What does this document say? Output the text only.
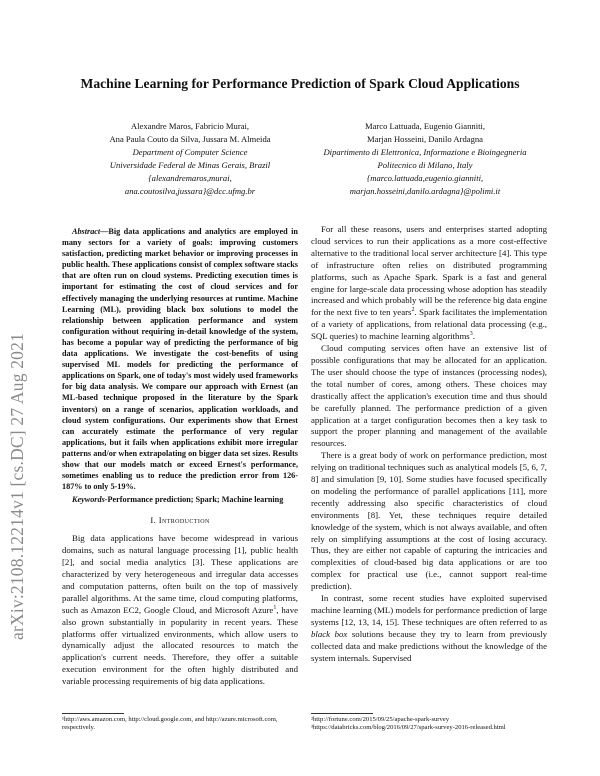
Machine Learning for Performance Prediction of Spark Cloud Applications
Alexandre Maros, Fabricio Murai,
Ana Paula Couto da Silva, Jussara M. Almeida
Department of Computer Science
Universidade Federal de Minas Gerais, Brazil
{alexandremaros,murai,
ana.coutosilva,jussara}@dcc.ufmg.br
Marco Lattuada, Eugenio Gianniti,
Marjan Hosseini, Danilo Ardagna
Dipartimento di Elettronica, Informazione e Bioingegneria
Politecnico di Milano, Italy
{marco.lattuada,eugenio.gianniti,
marjan.hosseini,danilo.ardagna}@polimi.it
arXiv:2108.12214v1 [cs.DC] 27 Aug 2021

Abstract—Big data applications and analytics are employed in many sectors for a variety of goals: improving customers satisfaction, predicting market behavior or improving processes in public health. These applications consist of complex software stacks that are often run on cloud systems. Predicting execution times is important for estimating the cost of cloud services and for effectively managing the underlying resources at runtime. Machine Learning (ML), providing black box solutions to model the relationship between application performance and system configuration without requiring in-detail knowledge of the system, has become a popular way of predicting the performance of big data applications. We investigate the cost-benefits of using supervised ML models for predicting the performance of applications on Spark, one of today's most widely used frameworks for big data analysis. We compare our approach with Ernest (an ML-based technique proposed in the literature by the Spark inventors) on a range of scenarios, application workloads, and cloud system configurations. Our experiments show that Ernest can accurately estimate the performance of very regular applications, but it fails when applications exhibit more irregular patterns and/or when extrapolating on bigger data set sizes. Results show that our models match or exceed Ernest's performance, sometimes enabling us to reduce the prediction error from 126-187% to only 5-19%.

Keywords-Performance prediction; Spark; Machine learning

I. Introduction

Big data applications have become widespread in various domains, such as natural language processing [1], public health [2], and social media analytics [3]. These applications are characterized by very heterogeneous and irregular data accesses and computation patterns, often built on the top of massively parallel algorithms. At the same time, cloud computing platforms, such as Amazon EC2, Google Cloud, and Microsoft Azure$^1$, have also grown substantially in popularity in recent years. These platforms offer virtualized environments, which allow users to dynamically adjust the allocated resources to match the application's current needs. Therefore, they offer a suitable execution environment for the often highly distributed and variable processing requirements of big data applications.

¹http://aws.amazon.com, http://cloud.google.com, and http://azure.microsoft.com, respectively.

For all these reasons, users and enterprises started adopting cloud services to run their applications as a more cost-effective alternative to the traditional local server architecture [4]. This type of infrastructure often relies on distributed programming platforms, such as Apache Spark. Spark is a fast and general engine for large-scale data processing whose adoption has steadily increased and which probably will be the reference big data engine for the next five to ten years$^2$. Spark facilitates the implementation of a variety of applications, from relational data processing (e.g., SQL queries) to machine learning algorithms$^3$.

Cloud computing services often have an extensive list of possible configurations that may be allocated for an application. The user should choose the type of instances (processing nodes), the total number of cores, among others. These choices may drastically affect the application's execution time and thus should be carefully planned. The performance prediction of a given application at a target configuration becomes then a key task to support the proper planning and management of the available resources.

There is a great body of work on performance prediction, most relying on traditional techniques such as analytical models [5, 6, 7, 8] and simulation [9, 10]. Some studies have focused specifically on modeling the performance of parallel applications [11], more recently addressing also specific characteristics of cloud environments [8]. Yet, these techniques require detailed knowledge of the system, which is not always available, and often rely on simplifying assumptions at the cost of losing accuracy. Thus, they are either not capable of capturing the intricacies and complexities of cloud-based big data applications or are too complex for practical use (i.e., cannot support real-time prediction).

In contrast, some recent studies have exploited supervised machine learning (ML) models for performance prediction of large systems [12, 13, 14, 15]. These techniques are often referred to as black box solutions because they try to learn from previously collected data and make predictions without the knowledge of the system internals. Supervised

²http://fortune.com/2015/09/25/apache-spark-survey
³https://databricks.com/blog/2016/09/27/spark-survey-2016-released.html
